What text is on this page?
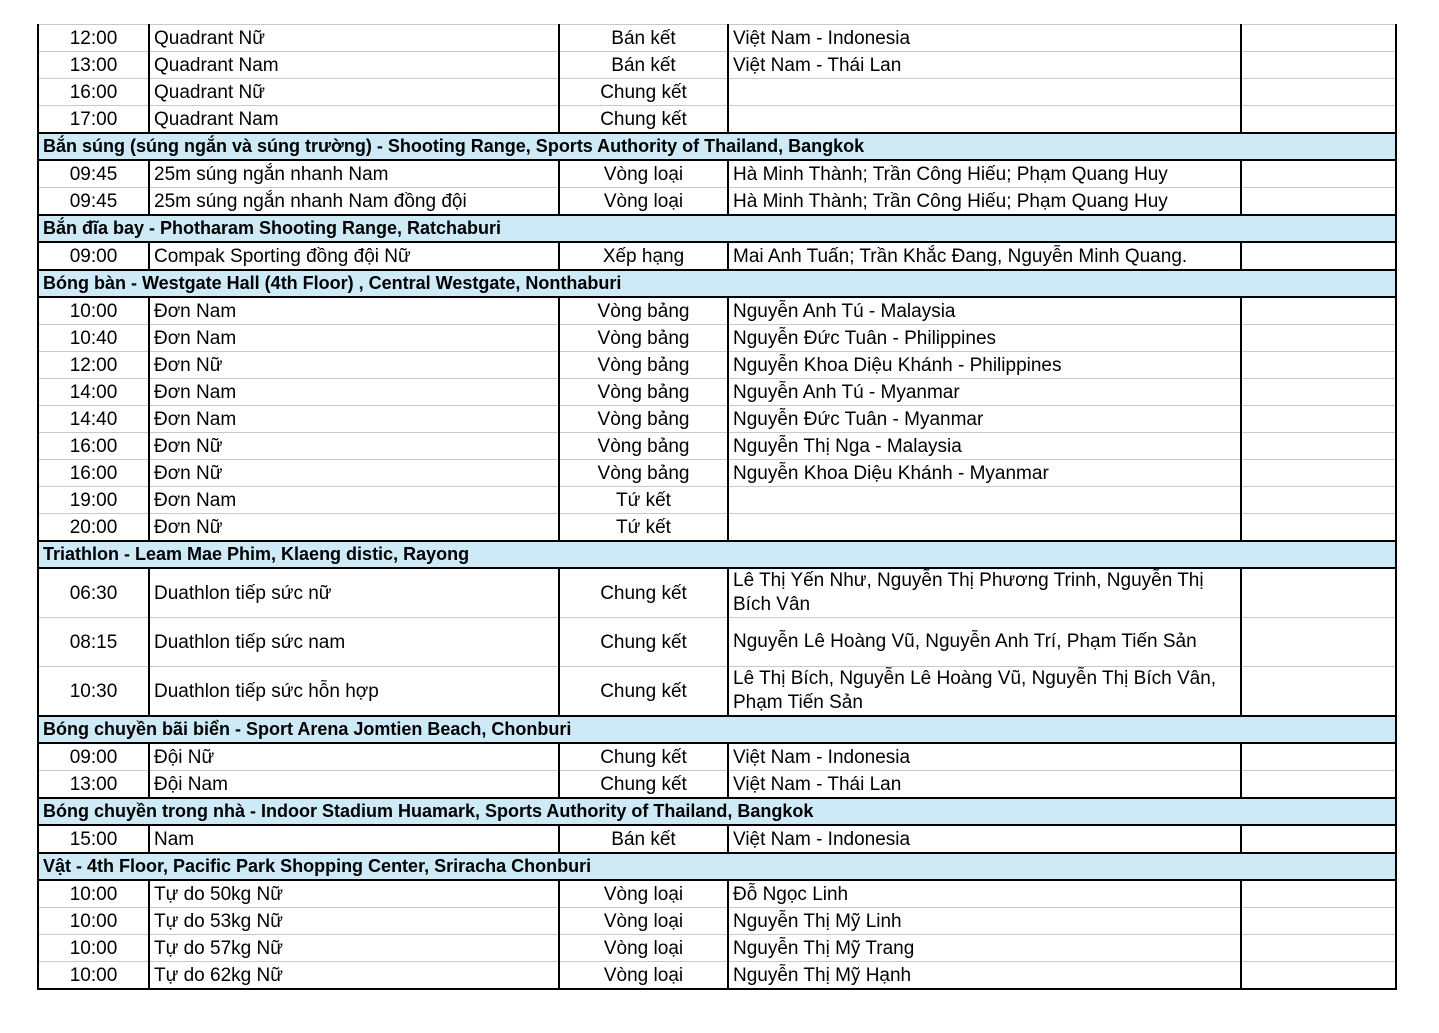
12:00	Quadrant Nữ	Bán kết	Việt Nam - Indonesia	
13:00	Quadrant Nam	Bán kết	Việt Nam - Thái Lan	
16:00	Quadrant Nữ	Chung kết		
17:00	Quadrant Nam	Chung kết		
Bắn súng (súng ngắn và súng trường) - Shooting Range, Sports Authority of Thailand, Bangkok				
09:45	25m súng ngắn nhanh Nam	Vòng loại	Hà Minh Thành; Trần Công Hiếu; Phạm Quang Huy	
09:45	25m súng ngắn nhanh Nam đồng đội	Vòng loại	Hà Minh Thành; Trần Công Hiếu; Phạm Quang Huy	
Bắn đĩa bay - Photharam Shooting Range, Ratchaburi				
09:00	Compak Sporting đồng đội Nữ	Xếp hạng	Mai Anh Tuấn; Trần Khắc Đang, Nguyễn Minh Quang.	
Bóng bàn - Westgate Hall (4th Floor) , Central Westgate, Nonthaburi				
10:00	Đơn Nam	Vòng bảng	Nguyễn Anh Tú - Malaysia	
10:40	Đơn Nam	Vòng bảng	Nguyễn Đức Tuân - Philippines	
12:00	Đơn Nữ	Vòng bảng	Nguyễn Khoa Diệu Khánh - Philippines	
14:00	Đơn Nam	Vòng bảng	Nguyễn Anh Tú - Myanmar	
14:40	Đơn Nam	Vòng bảng	Nguyễn Đức Tuân - Myanmar	
16:00	Đơn Nữ	Vòng bảng	Nguyễn Thị Nga - Malaysia	
16:00	Đơn Nữ	Vòng bảng	Nguyễn Khoa Diệu Khánh - Myanmar	
19:00	Đơn Nam	Tứ kết		
20:00	Đơn Nữ	Tứ kết		
Triathlon - Leam Mae Phim, Klaeng distic, Rayong				
06:30	Duathlon tiếp sức nữ	Chung kết	Lê Thị Yến Như, Nguyễn Thị Phương Trinh, Nguyễn Thị Bích Vân	
08:15	Duathlon tiếp sức nam	Chung kết	Nguyễn Lê Hoàng Vũ, Nguyễn Anh Trí, Phạm Tiến Sản	
10:30	Duathlon tiếp sức hỗn hợp	Chung kết	Lê Thị Bích, Nguyễn Lê Hoàng Vũ, Nguyễn Thị Bích Vân, Phạm Tiến Sản	
Bóng chuyền bãi biển - Sport Arena Jomtien Beach, Chonburi				
09:00	Đội Nữ	Chung kết	Việt Nam - Indonesia	
13:00	Đội Nam	Chung kết	Việt Nam - Thái Lan	
Bóng chuyền trong nhà - Indoor Stadium Huamark, Sports Authority of Thailand, Bangkok				
15:00	Nam	Bán kết	Việt Nam - Indonesia	
Vật - 4th Floor, Pacific Park Shopping Center, Sriracha Chonburi				
10:00	Tự do 50kg Nữ	Vòng loại	Đỗ Ngọc Linh	
10:00	Tự do 53kg Nữ	Vòng loại	Nguyễn Thị Mỹ Linh	
10:00	Tự do 57kg Nữ	Vòng loại	Nguyễn Thị Mỹ Trang	
10:00	Tự do 62kg Nữ	Vòng loại	Nguyễn Thị Mỹ Hạnh	
